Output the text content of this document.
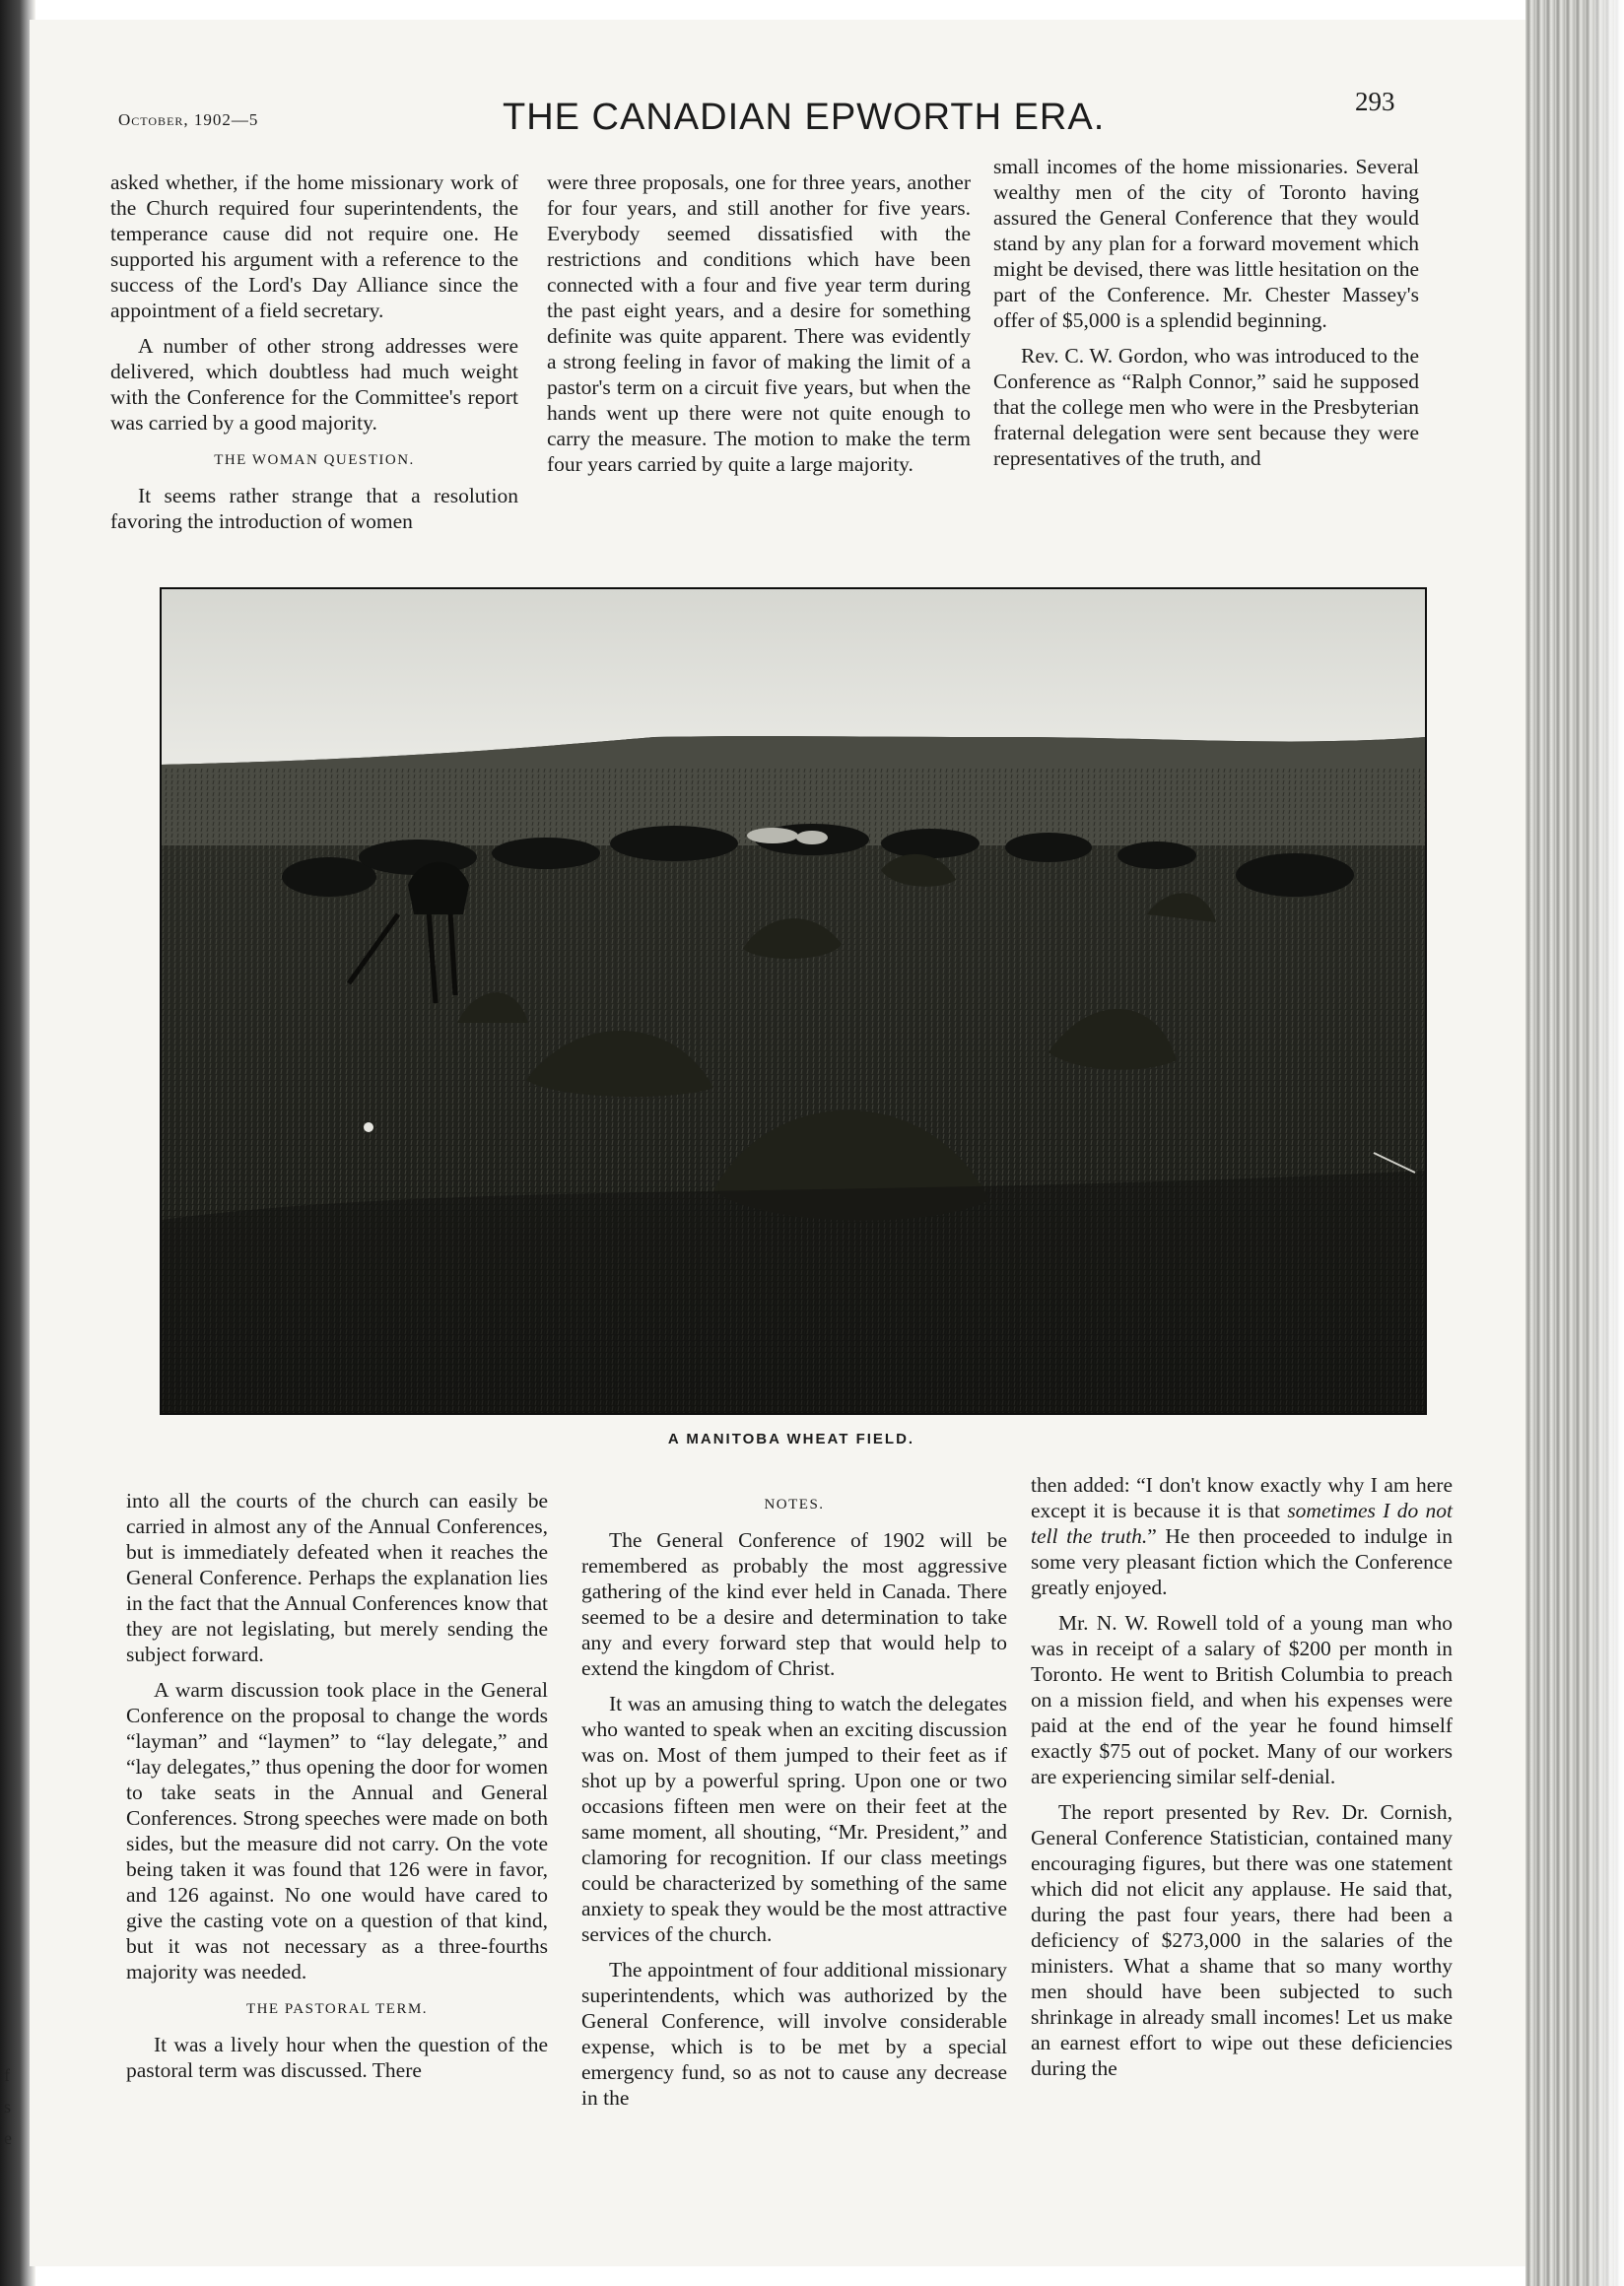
f
s
e
October, 1902—5	THE CANADIAN EPWORTH ERA.	293

asked whether, if the home missionary work of the Church required four superintendents, the temperance cause did not require one. He supported his argument with a reference to the success of the Lord's Day Alliance since the appointment of a field secretary.

A number of other strong addresses were delivered, which doubtless had much weight with the Conference for the Committee's report was carried by a good majority.

THE WOMAN QUESTION.

It seems rather strange that a resolution favoring the introduction of women

were three proposals, one for three years, another for four years, and still another for five years. Everybody seemed dissatisfied with the restrictions and conditions which have been connected with a four and five year term during the past eight years, and a desire for something definite was quite apparent. There was evidently a strong feeling in favor of making the limit of a pastor's term on a circuit five years, but when the hands went up there were not quite enough to carry the measure. The motion to make the term four years carried by quite a large majority.

small incomes of the home missionaries. Several wealthy men of the city of Toronto having assured the General Conference that they would stand by any plan for a forward movement which might be devised, there was little hesitation on the part of the Conference. Mr. Chester Massey's offer of $5,000 is a splendid beginning.

Rev. C. W. Gordon, who was introduced to the Conference as “Ralph Connor,” said he supposed that the college men who were in the Presbyterian fraternal delegation were sent because they were representatives of the truth, and

A MANITOBA WHEAT FIELD.

into all the courts of the church can easily be carried in almost any of the Annual Conferences, but is immediately defeated when it reaches the General Conference. Perhaps the explanation lies in the fact that the Annual Conferences know that they are not legislating, but merely sending the subject forward.

A warm discussion took place in the General Conference on the proposal to change the words “layman” and “laymen” to “lay delegate,” and “lay delegates,” thus opening the door for women to take seats in the Annual and General Conferences. Strong speeches were made on both sides, but the measure did not carry. On the vote being taken it was found that 126 were in favor, and 126 against. No one would have cared to give the casting vote on a question of that kind, but it was not necessary as a three-fourths majority was needed.

THE PASTORAL TERM.

It was a lively hour when the question of the pastoral term was discussed. There

NOTES.

The General Conference of 1902 will be remembered as probably the most aggressive gathering of the kind ever held in Canada. There seemed to be a desire and determination to take any and every forward step that would help to extend the kingdom of Christ.

It was an amusing thing to watch the delegates who wanted to speak when an exciting discussion was on. Most of them jumped to their feet as if shot up by a powerful spring. Upon one or two occasions fifteen men were on their feet at the same moment, all shouting, “Mr. President,” and clamoring for recognition. If our class meetings could be characterized by something of the same anxiety to speak they would be the most attractive services of the church.

The appointment of four additional missionary superintendents, which was authorized by the General Conference, will involve considerable expense, which is to be met by a special emergency fund, so as not to cause any decrease in the

then added: “I don't know exactly why I am here except it is because it is that sometimes I do not tell the truth.” He then proceeded to indulge in some very pleasant fiction which the Conference greatly enjoyed.

Mr. N. W. Rowell told of a young man who was in receipt of a salary of $200 per month in Toronto. He went to British Columbia to preach on a mission field, and when his expenses were paid at the end of the year he found himself exactly $75 out of pocket. Many of our workers are experiencing similar self-denial.

The report presented by Rev. Dr. Cornish, General Conference Statistician, contained many encouraging figures, but there was one statement which did not elicit any applause. He said that, during the past four years, there had been a deficiency of $273,000 in the salaries of the ministers. What a shame that so many worthy men should have been subjected to such shrinkage in already small incomes! Let us make an earnest effort to wipe out these deficiencies during the
